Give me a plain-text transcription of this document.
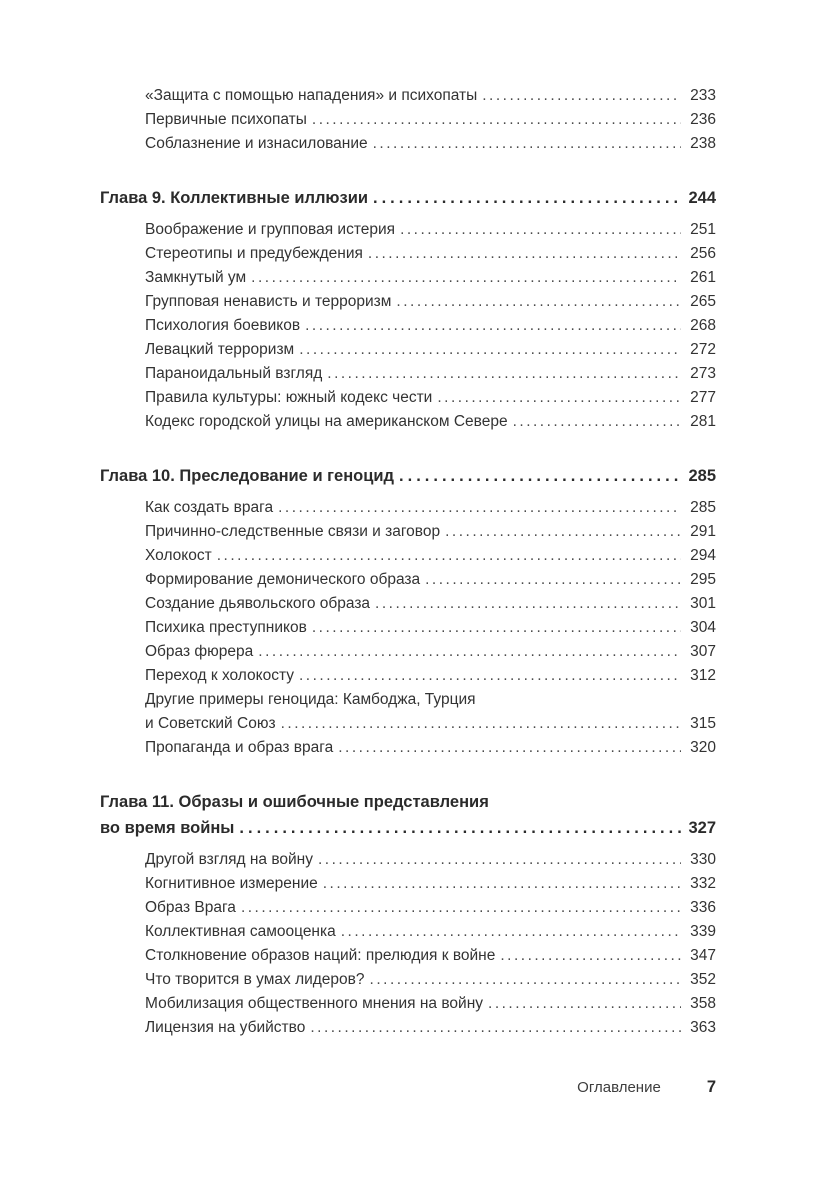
«Защита с помощью нападения» и психопаты .....	233
Первичные психопаты .....	236
Соблазнение и изнасилование .....	238
Глава 9. Коллективные иллюзии .....	244
Воображение и групповая истерия .....	251
Стереотипы и предубеждения .....	256
Замкнутый ум .....	261
Групповая ненависть и терроризм .....	265
Психология боевиков .....	268
Левацкий терроризм .....	272
Параноидальный взгляд .....	273
Правила культуры: южный кодекс чести .....	277
Кодекс городской улицы на американском Севере .....	281
Глава 10. Преследование и геноцид .....	285
Как создать врага .....	285
Причинно-следственные связи и заговор .....	291
Холокост .....	294
Формирование демонического образа .....	295
Создание дьявольского образа .....	301
Психика преступников .....	304
Образ фюрера .....	307
Переход к холокосту .....	312
Другие примеры геноцида: Камбоджа, Турция
и Советский Союз .....	315
Пропаганда и образ врага .....	320
Глава 11. Образы и ошибочные представления
во время войны .....	327
Другой взгляд на войну .....	330
Когнитивное измерение .....	332
Образ Врага .....	336
Коллективная самооценка .....	339
Столкновение образов наций: прелюдия к войне .....	347
Что творится в умах лидеров? .....	352
Мобилизация общественного мнения на войну .....	358
Лицензия на убийство .....	363
Оглавление	7
